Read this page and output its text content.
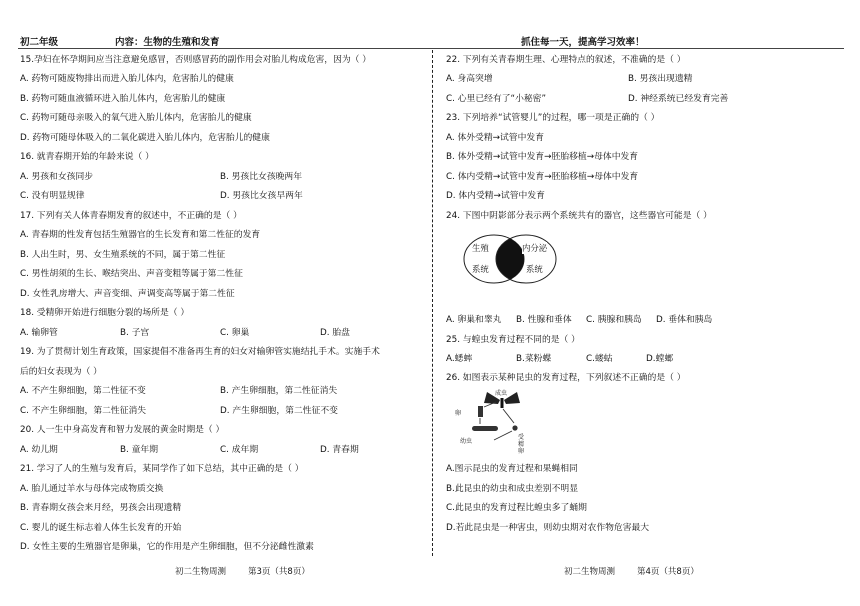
初二年级	内容：生物的生殖和发育	抓住每一天，提高学习效率！
15.孕妇在怀孕期间应当注意避免感冒，否则感冒药的副作用会对胎儿构成危害，因为（ ）
A. 药物可随废物排出而进入胎儿体内，危害胎儿的健康
B. 药物可随血液循环进入胎儿体内，危害胎儿的健康
C. 药物可随母亲吸入的氧气进入胎儿体内，危害胎儿的健康
D. 药物可随母体吸入的二氧化碳进入胎儿体内，危害胎儿的健康
16. 就青春期开始的年龄来说（ ）
A. 男孩和女孩同步	B. 男孩比女孩晚两年
C. 没有明显规律	D. 男孩比女孩早两年
17. 下列有关人体青春期发育的叙述中，不正确的是（ ）
A. 青春期的性发育包括生殖器官的生长发育和第二性征的发育
B. 人出生时，男、女生殖系统的不同，属于第二性征
C. 男性胡须的生长、喉结突出、声音变粗等属于第二性征
D. 女性乳房增大、声音变细、声调变高等属于第二性征
18. 受精卵开始进行细胞分裂的场所是（ ）
A. 输卵管	B. 子宫	C. 卵巢	D. 胎盘
19. 为了贯彻计划生育政策，国家提倡不准备再生育的妇女对输卵管实施结扎手术。实施手术
后的妇女表现为（ ）
A. 不产生卵细胞，第二性征不变	B. 产生卵细胞，第二性征消失
C. 不产生卵细胞，第二性征消失	D. 产生卵细胞，第二性征不变
20. 人一生中身高发育和智力发展的黄金时期是（ ）
A. 幼儿期	B. 童年期	C. 成年期	D. 青春期
21. 学习了人的生殖与发育后，某同学作了如下总结，其中正确的是（ ）
A. 胎儿通过羊水与母体完成物质交换
B. 青春期女孩会来月经，男孩会出现遗精
C. 婴儿的诞生标志着人体生长发育的开始
D. 女性主要的生殖器官是卵巢，它的作用是产生卵细胞，但不分泌雌性激素
22. 下列有关青春期生理、心理特点的叙述，不准确的是（ ）
A. 身高突增	B. 男孩出现遗精
C. 心里已经有了“小秘密”	D. 神经系统已经发育完善
23. 下列培养“试管婴儿”的过程，哪一项是正确的（ ）
A. 体外受精→试管中发育
B. 体外受精→试管中发育→胚胎移植→母体中发育
C. 体内受精→试管中发育→胚胎移植→母体中发育
D. 体内受精→试管中发育
24. 下图中阴影部分表示两个系统共有的器官，这些器官可能是（ ）
生殖
系统
内分泌
系统
A. 卵巢和睾丸 B. 性腺和垂体 C. 胰腺和胰岛 D. 垂体和胰岛
25. 与蝗虫发育过程不同的是（ ）
A.蟋蟀	B.菜粉蝶	C.蝼蛄	D.螳螂
26. 如图表示某种昆虫的发育过程，下列叙述不正确的是（ ）
成虫
卵
幼虫
受精卵
A.图示昆虫的发育过程和果蝇相同
B.此昆虫的幼虫和成虫差别不明显
C.此昆虫的发育过程比蝗虫多了蛹期
D.若此昆虫是一种害虫，则幼虫期对农作物危害最大
初二生物周测	第3页（共8页）	初二生物周测	第4页（共8页）
